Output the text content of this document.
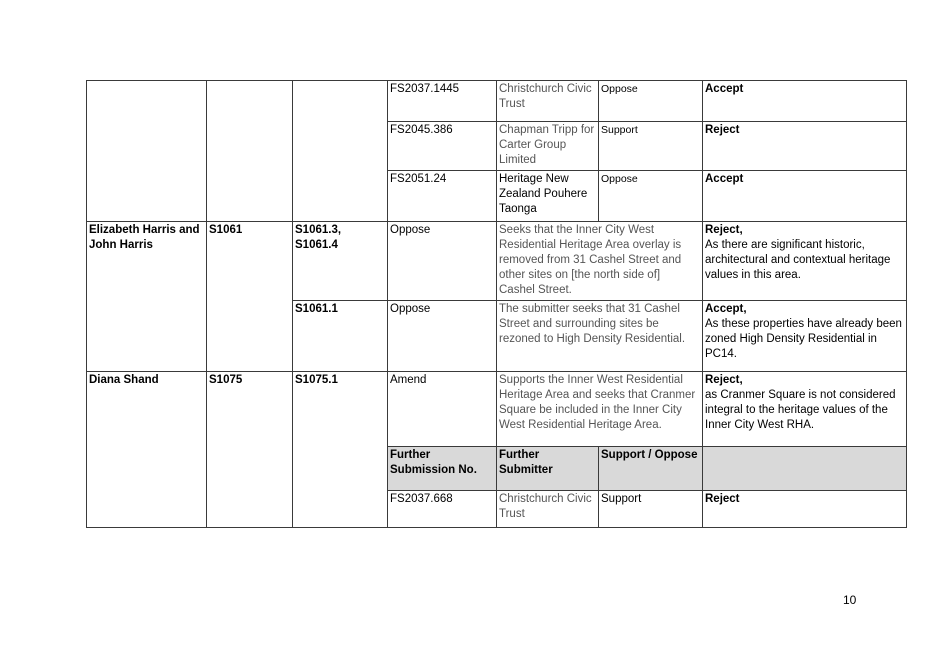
			FS2037.1445	Christchurch Civic Trust	Oppose	Accept
			FS2045.386	Chapman Tripp for Carter Group Limited	Support	Reject
			FS2051.24	Heritage New Zealand Pouhere Taonga	Oppose	Accept
Elizabeth Harris and John Harris	S1061	S1061.3, S1061.4	Oppose	Seeks that the Inner City West Residential Heritage Area overlay is removed from 31 Cashel Street and other sites on [the north side of] Cashel Street.		Reject,
As there are significant historic, architectural and contextual heritage values in this area.

		S1061.1	Oppose	The submitter seeks that 31 Cashel Street and surrounding sites be rezoned to High Density Residential.		Accept,
As these properties have already been zoned High Density Residential in PC14.

Diana Shand	S1075	S1075.1	Amend	Supports the Inner West Residential Heritage Area and seeks that Cranmer Square be included in the Inner City West Residential Heritage Area.		Reject,
as Cranmer Square is not considered integral to the heritage values of the Inner City West RHA.

			Further Submission No.	Further Submitter	Support / Oppose	
			FS2037.668	Christchurch Civic Trust	Support	Reject
10
